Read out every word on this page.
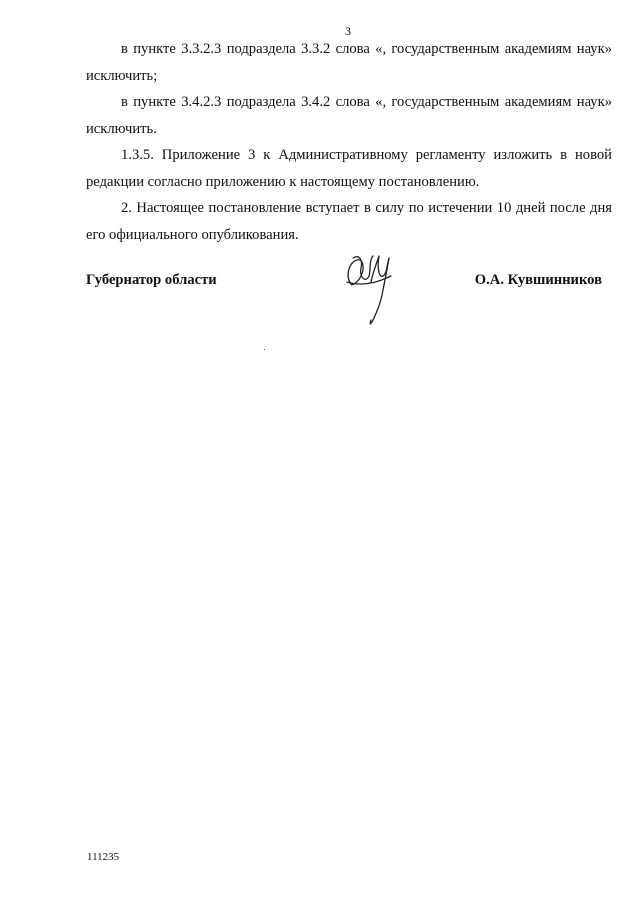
3

в пункте 3.3.2.3 подраздела 3.3.2 слова «, государственным академиям наук» исключить;

в пункте 3.4.2.3 подраздела 3.4.2 слова «, государственным академиям наук» исключить.

1.3.5. Приложение 3 к Административному регламенту изложить в новой редакции согласно приложению к настоящему постановлению.

2. Настоящее постановление вступает в силу по истечении 10 дней после дня его официального опубликования.

Губернатор области	О.А. Кувшинников
111235
